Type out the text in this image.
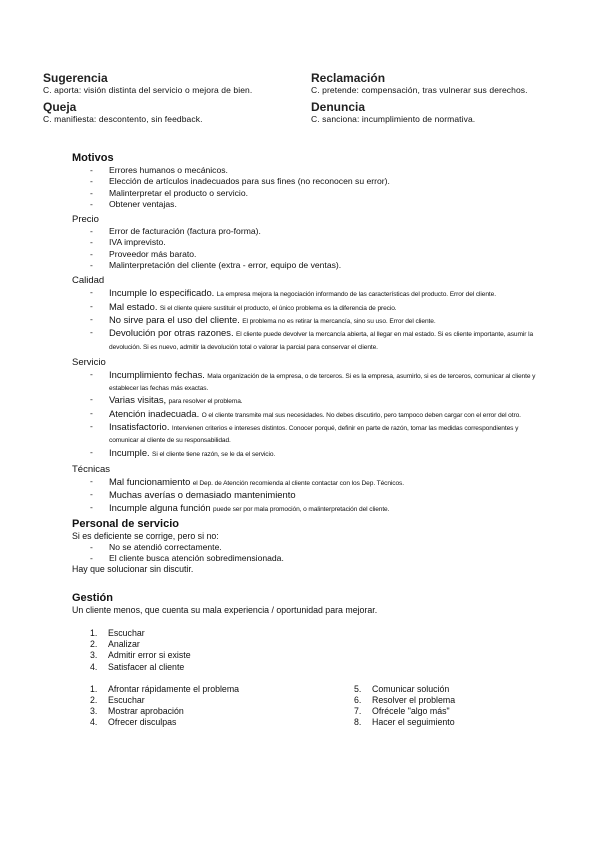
Sugerencia
C. aporta: visión distinta del servicio o mejora de bien.
Queja
C. manifiesta: descontento, sin feedback.
Reclamación
C. pretende: compensación, tras vulnerar sus derechos.
Denuncia
C. sanciona: incumplimiento de normativa.
Motivos
- Errores humanos o mecánicos.
- Elección de artículos inadecuados para sus fines (no reconocen su error).
- Malinterpretar el producto o servicio.
- Obtener ventajas.
Precio
- Error de facturación (factura pro-forma).
- IVA imprevisto.
- Proveedor más barato.
- Malinterpretación del cliente (extra - error, equipo de ventas).
Calidad
- Incumple lo especificado. La empresa mejora la negociación informando de las características del producto. Error del cliente.
- Mal estado. Si el cliente quiere sustituir el producto, el único problema es la diferencia de precio.
- No sirve para el uso del cliente. El problema no es retirar la mercancía, sino su uso. Error del cliente.
- Devolución por otras razones. El cliente puede devolver la mercancía abierta, al llegar en mal estado. Si es cliente importante, asumir la devolución. Si es nuevo, admitir la devolución total o valorar la parcial para conservar el cliente.
Servicio
- Incumplimiento fechas. Mala organización de la empresa, o de terceros. Si es la empresa, asumirlo, si es de terceros, comunicar al cliente y establecer las fechas más exactas.
- Varias visitas, para resolver el problema.
- Atención inadecuada. O el cliente transmite mal sus necesidades. No debes discutirlo, pero tampoco deben cargar con el error del otro.
- Insatisfactorio. Intervienen criterios e intereses distintos. Conocer porqué, definir en parte de razón, tomar las medidas correspondientes y comunicar al cliente de su responsabilidad.
- Incumple. Si el cliente tiene razón, se le da el servicio.
Técnicas
- Mal funcionamiento el Dep. de Atención recomienda al cliente contactar con los Dep. Técnicos.
- Muchas averías o demasiado mantenimiento
- Incumple alguna función puede ser por mala promoción, o malinterpretación del cliente.
Personal de servicio
Si es deficiente se corrige, pero si no:
- No se atendió correctamente.
- El cliente busca atención sobredimensionada.
Hay que solucionar sin discutir.
Gestión
Un cliente menos, que cuenta su mala experiencia / oportunidad para mejorar.
1.	Escuchar
2.	Analizar
3.	Admitir error si existe
4.	Satisfacer al cliente
1.	Afrontar rápidamente el problema
2.	Escuchar
3.	Mostrar aprobación
4.	Ofrecer disculpas
5.	Comunicar solución
6.	Resolver el problema
7.	Ofrécele "algo más"
8.	Hacer el seguimiento
